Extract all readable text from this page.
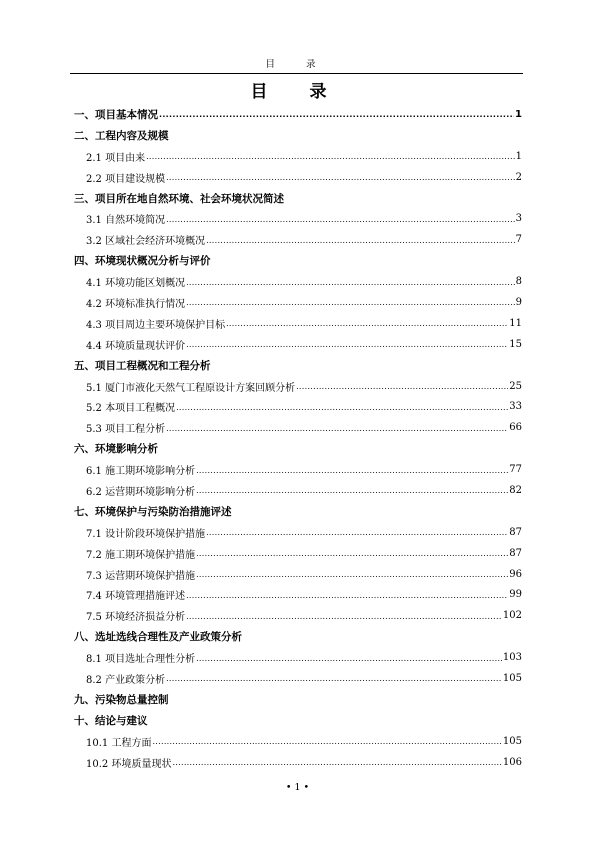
目 录
目 录
一、项目基本情况 .....	1
二、工程内容及规模
2.1 项目由来 .....	1
2.2 项目建设规模 .....	2
三、项目所在地自然环境、社会环境状况简述
3.1 自然环境简况 .....	3
3.2 区域社会经济环境概况 .....	7
四、环境现状概况分析与评价
4.1 环境功能区划概况 .....	8
4.2 环境标准执行情况 .....	9
4.3 项目周边主要环境保护目标 .....	11
4.4 环境质量现状评价 .....	15
五、项目工程概况和工程分析
5.1 厦门市液化天然气工程原设计方案回顾分析 .....	25
5.2 本项目工程概况 .....	33
5.3 项目工程分析 .....	66
六、环境影响分析
6.1 施工期环境影响分析 .....	77
6.2 运营期环境影响分析 .....	82
七、环境保护与污染防治措施评述
7.1 设计阶段环境保护措施 .....	87
7.2 施工期环境保护措施 .....	87
7.3 运营期环境保护措施 .....	96
7.4 环境管理措施评述 .....	99
7.5 环境经济损益分析 .....	102
八、选址选线合理性及产业政策分析
8.1 项目选址合理性分析 .....	103
8.2 产业政策分析 .....	105
九、污染物总量控制
十、结论与建议
10.1 工程方面 .....	105
10.2 环境质量现状 .....	106
• 1 •
